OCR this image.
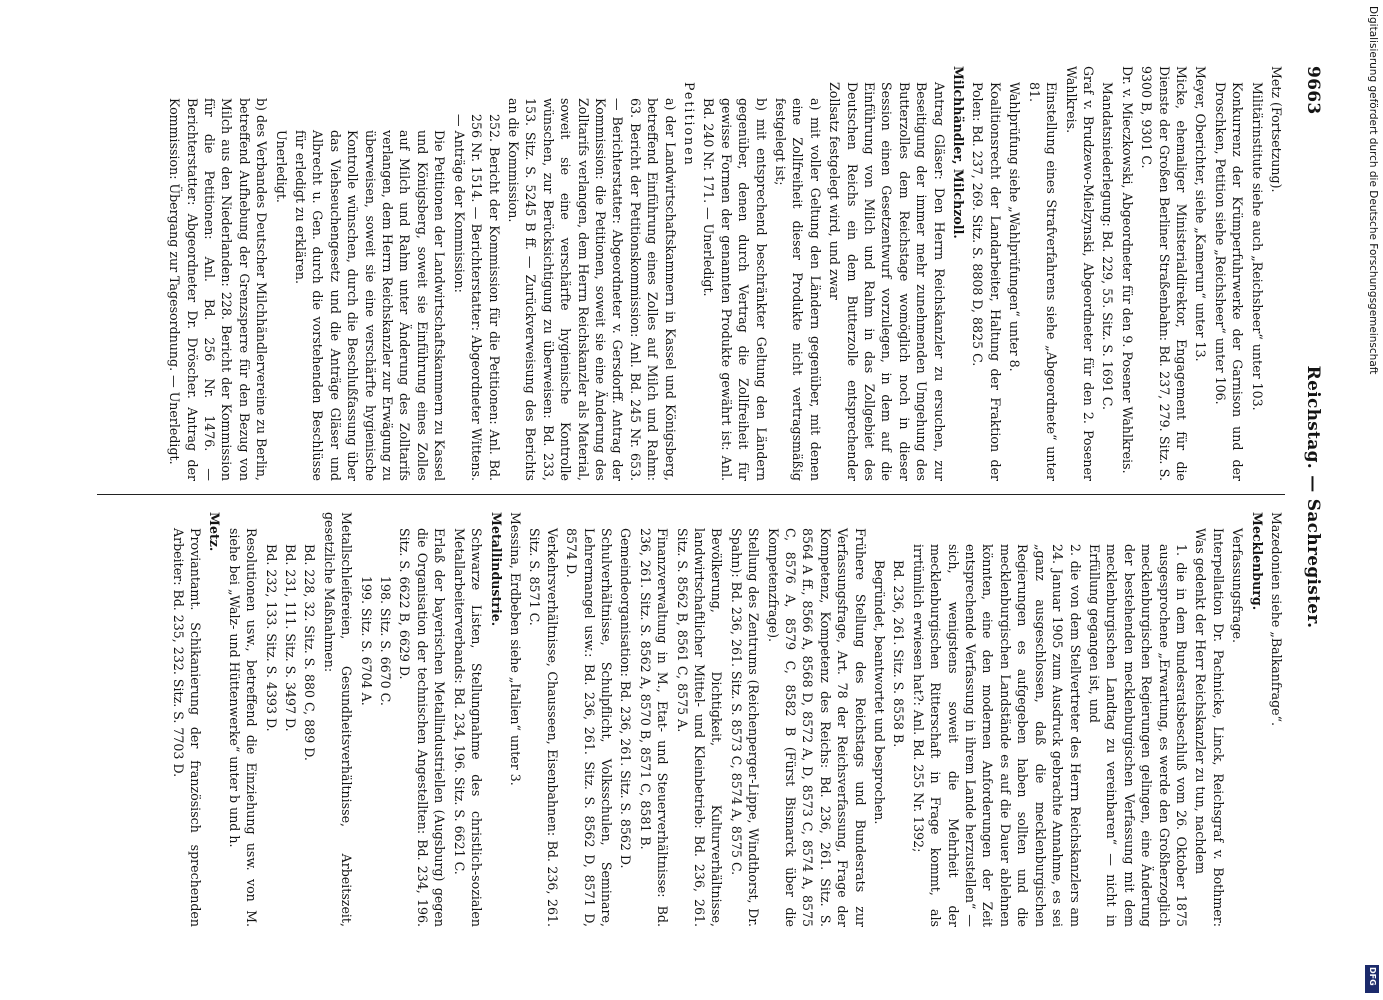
9663
Reichstag. — Sachregister.

Metz (Fortsetzung).

Militärinstitute siehe auch „Reichsheer“ unter 103.

Konkurrenz der Krümperfuhrwerke der Garnison und der Droschken, Petition siehe „Reichsheer“ unter 106.

Meyer, Oberichter, siehe „Kamerun“ unter 13.

Micke, ehemaliger Ministerialdirektor, Engagement für die Dienste der Großen Berliner Straßenbahn: Bd. 237, 279. Sitz. S. 9300 B, 9301 C.

Dr. v. Mieczkowski, Abgeordneter für den 9. Posener Wahlkreis.

Mandatsniederlegung: Bd. 229, 55. Sitz. S. 1691 C.

Graf v. Brudzewo-Mielzynski, Abgeordneter für den 2. Posener Wahlkreis.

Einstellung eines Strafverfahrens siehe „Abgeordnete“ unter 81.

Wahlprüfung siehe „Wahlprüfungen“ unter 8.

Koalitionsrecht der Landarbeiter, Haltung der Fraktion der Polen: Bd. 237, 269. Sitz. S. 8808 D, 8825 C.

Milchhändler, Milchzoll.

Antrag Gläser: Den Herrn Reichskanzler zu ersuchen, zur Beseitigung der immer mehr zunehmenden Umgehung des Butterzolles dem Reichstage womöglich noch in dieser Session einen Gesetzentwurf vorzulegen, in dem auf die Einführung von Milch und Rahm in das Zollgebiet des Deutschen Reichs ein dem Butterzolle entsprechender Zollsatz festgelegt wird, und zwar

a) mit voller Geltung den Ländern gegenüber, mit denen eine Zollfreiheit dieser Produkte nicht vertragsmäßig festgelegt ist;

b) mit entsprechend beschränkter Geltung den Ländern gegenüber, denen durch Vertrag die Zollfreiheit für gewisse Formen der genannten Produkte gewährt ist: Anl. Bd. 240 Nr. 171. — Unerledigt.

Petitionen

a) der Landwirtschaftskammern in Kassel und Königsberg, betreffend Einführung eines Zolles auf Milch und Rahm: 63. Bericht der Petitionskommission: Anl. Bd. 245 Nr. 653. — Berichterstatter: Abgeordneter v. Gersdorff. Antrag der Kommission: die Petitionen, soweit sie eine Änderung des Zolltarifs verlangen, dem Herrn Reichskanzler als Material, soweit sie eine verschärfte hygienische Kontrolle wünschen, zur Berücksichtigung zu überweisen: Bd. 233, 153. Sitz. S. 5245 B ff. — Zurückverweisung des Berichts an die Kommission.

252. Bericht der Kommission für die Petitionen: Anl. Bd. 256 Nr. 1514. — Berichterstatter: Abgeordneter Wittens. — Anträge der Kommission:

Die Petitionen der Landwirtschaftskammern zu Kassel und Königsberg, soweit sie Einführung eines Zolles auf Milch und Rahm unter Änderung des Zolltarifs verlangen, dem Herrn Reichskanzler zur Erwägung zu überweisen, soweit sie eine verschärfte hygienische Kontrolle wünschen, durch die Beschlußfassung über das Viehseuchengesetz und die Anträge Gläser und Albrecht u. Gen. durch die vorstehenden Beschlüsse für erledigt zu erklären.

Unerledigt.

b) des Verbandes Deutscher Milchhändlervereine zu Berlin, betreffend Aufhebung der Grenzsperre für den Bezug von Milch aus den Niederlanden: 228. Bericht der Kommission für die Petitionen: Anl. Bd. 256 Nr. 1476. — Berichterstatter: Abgeordneter Dr. Dröscher. Antrag der Kommission: Übergang zur Tagesordnung. — Unerledigt.

Mazedonien siehe „Balkanfrage“.

Mecklenburg.

Verfassungsfrage.

Interpellation Dr. Pachnicke, Linck, Reichsgraf v. Bothmer: Was gedenkt der Herr Reichskanzler zu tun, nachdem

1. die in dem Bundesratsbeschluß vom 26. Oktober 1875 ausgesprochene „Erwartung, es werde den Großherzoglich mecklenburgischen Regierungen gelingen, eine Änderung der bestehenden mecklenburgischen Verfassung mit dem mecklenburgischen Landtag zu vereinbaren“ — nicht in Erfüllung gegangen ist, und

2. die von dem Stellvertreter des Herrn Reichskanzlers am 24. Januar 1905 zum Ausdruck gebrachte Annahme, es sei „ganz ausgeschlossen, daß die mecklenburgischen Regierungen es aufgegeben haben sollten und die mecklenburgischen Landstände es auf die Dauer ablehnen könnten, eine den modernen Anforderungen der Zeit entsprechende Verfassung in ihrem Lande herzustellen“ — sich, wenigstens soweit die Mehrheit der mecklenburgischen Ritterschaft in Frage kommt, als irrtümlich erwiesen hat?: Anl. Bd. 255 Nr. 1392;

Bd. 236, 261. Sitz. S. 8558 B.

Begründet, beantwortet und besprochen.

Frühere Stellung des Reichstags und Bundesrats zur Verfassungsfrage, Art. 78 der Reichsverfassung, Frage der Kompetenz, Kompetenz des Reichs: Bd. 236, 261. Sitz. S. 8564 A ff., 8566 A, 8568 D, 8572 A, D, 8573 C, 8574 A, 8575 C, 8576 A, 8579 C, 8582 B (Fürst Bismarck über die Kompetenzfrage).

Stellung des Zentrums (Reichenperger-Lippe, Windthorst, Dr. Spahn): Bd. 236, 261. Sitz. S. 8573 C, 8574 A, 8575 C.

Bevölkerung, Dichtigkeit, Kulturverhältnisse, landwirtschaftlicher Mittel- und Kleinbetrieb: Bd. 236, 261. Sitz. S. 8562 B, 8561 C, 8575 A.

Finanzverwaltung in M., Etat- und Steuerverhältnisse: Bd. 236, 261. Sitz. S. 8562 A, 8570 B, 8571 C, 8581 B.

Gemeindeorganisation: Bd. 236, 261. Sitz. S. 8562 D.

Schulverhältnisse, Schulpflicht, Volksschulen, Seminare, Lehrermangel usw.: Bd. 236, 261. Sitz. S. 8562 D, 8571 D, 8574 D.

Verkehrsverhältnisse, Chausseen, Eisenbahnen: Bd. 236, 261. Sitz. S. 8571 C.

Messina, Erdbeben siehe „Italien“ unter 3.

Metallindustrie.

Schwarze Listen, Stellungnahme des christlich-sozialen Metallarbeiterverbands: Bd. 234, 196. Sitz. S. 6621 C.

Erlaß der bayerischen Metallindustriellen (Augsburg) gegen die Organisation der technischen Angestellten: Bd. 234, 196. Sitz. S. 6622 B, 6629 D.

198. Sitz. S. 6670 C.

199. Sitz. S. 6704 A.

Metallschleifereien, Gesundheitsverhältnisse, Arbeitszeit, gesetzliche Maßnahmen:

Bd. 228, 32. Sitz. S. 880 C, 889 D.

Bd. 231, 111. Sitz. S. 3497 D.

Bd. 232, 133. Sitz. S. 4393 D.

Resolutionen usw., betreffend die Einziehung usw. von M. siehe bei „Walz- und Hüttenwerke“ unter b und h.

Metz.

Proviantamt. Schikanierung der französisch sprechenden Arbeiter: Bd. 235, 232. Sitz. S. 7703 D.

Digitalisierung gefördert durch die Deutsche Forschungsgemeinschaft
DFG
